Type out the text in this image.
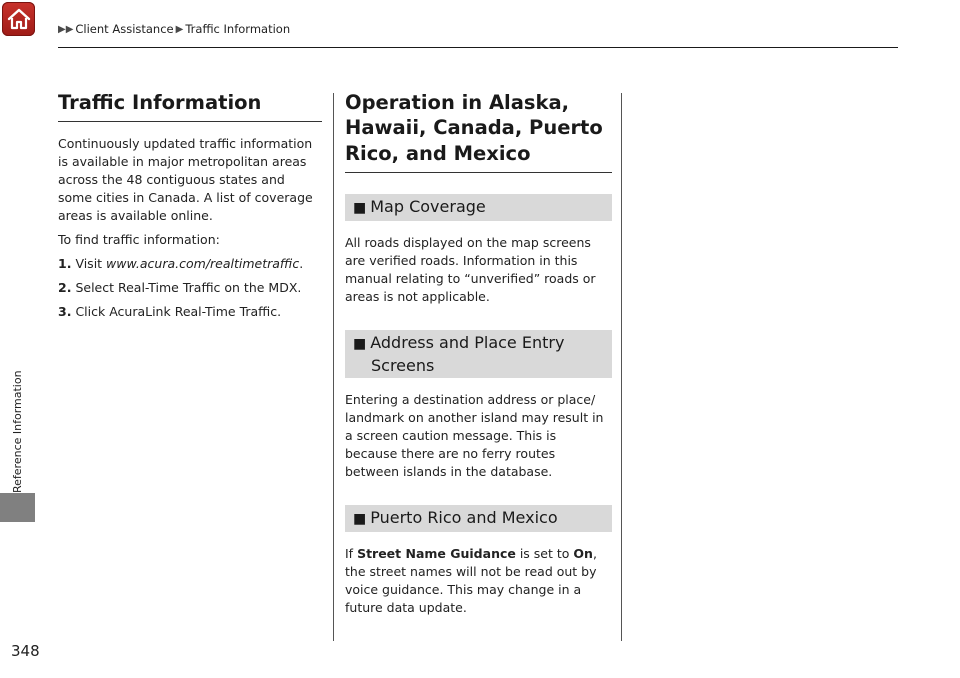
▶▶ Client Assistance ▶ Traffic Information
Reference Information
348
Traffic Information

Continuously updated traffic information is available in major metropolitan areas across the 48 contiguous states and some cities in Canada. A list of coverage areas is available online.

To find traffic information:

1. Visit www.acura.com/realtimetraffic.

2. Select Real-Time Traffic on the MDX.

3. Click AcuraLink Real-Time Traffic.

Operation in Alaska, Hawaii, Canada, Puerto Rico, and Mexico
■ Map Coverage

All roads displayed on the map screens are verified roads. Information in this manual relating to “unverified” roads or areas is not applicable.

■ Address and Place Entry
Screens

Entering a destination address or place/ landmark on another island may result in a screen caution message. This is because there are no ferry routes between islands in the database.

■ Puerto Rico and Mexico

If Street Name Guidance is set to On, the street names will not be read out by voice guidance. This may change in a future data update.
